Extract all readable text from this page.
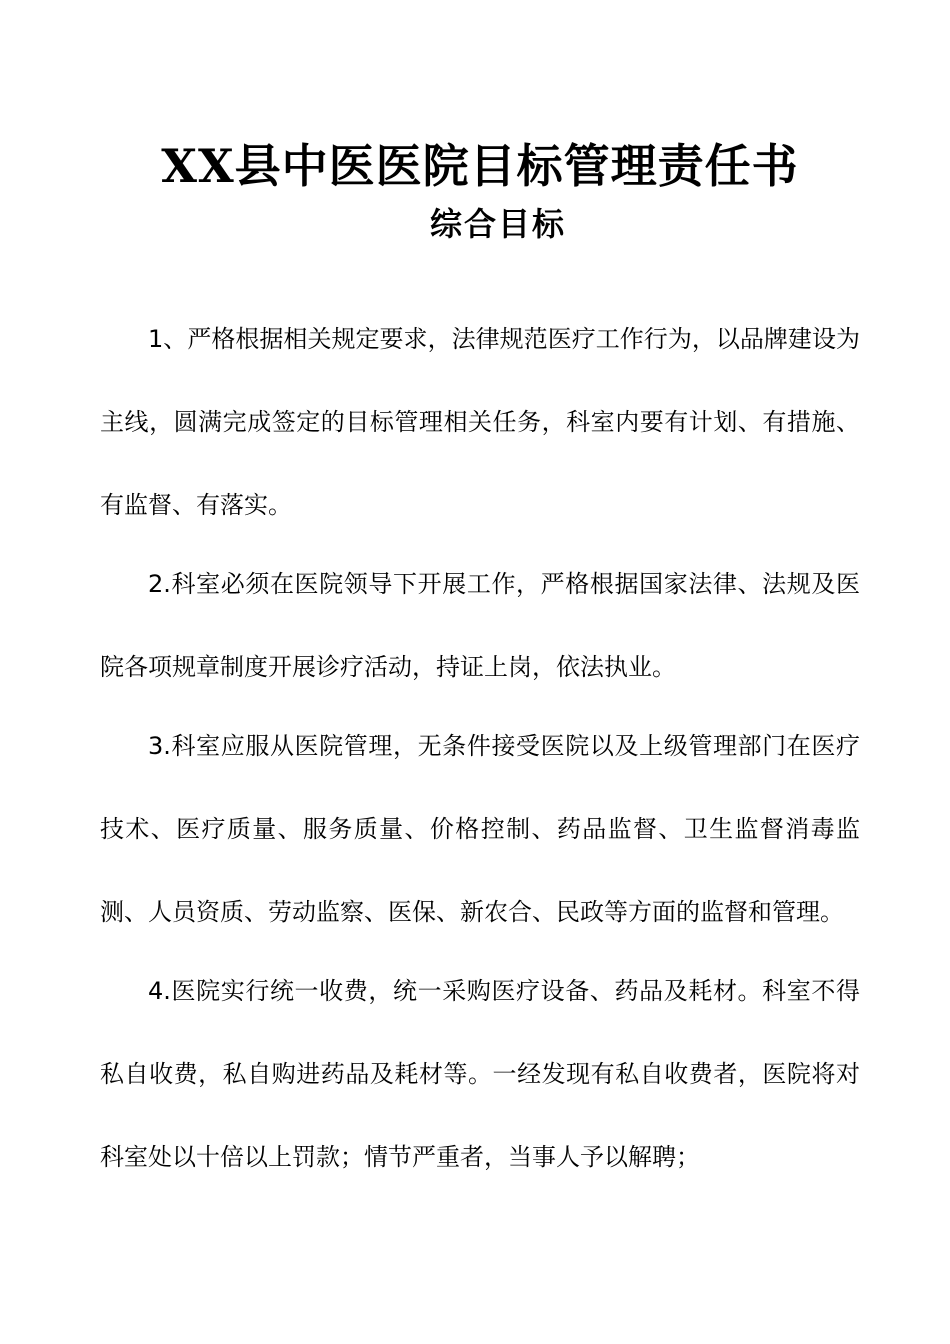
XX县中医医院目标管理责任书
综合目标

1、严格根据相关规定要求，法律规范医疗工作行为，以品牌建设为主线，圆满完成签定的目标管理相关任务，科室内要有计划、有措施、有监督、有落实。

2.科室必须在医院领导下开展工作，严格根据国家法律、法规及医院各项规章制度开展诊疗活动，持证上岗，依法执业。

3.科室应服从医院管理，无条件接受医院以及上级管理部门在医疗技术、医疗质量、服务质量、价格控制、药品监督、卫生监督消毒监测、人员资质、劳动监察、医保、新农合、民政等方面的监督和管理。

4.医院实行统一收费，统一采购医疗设备、药品及耗材。科室不得私自收费，私自购进药品及耗材等。一经发现有私自收费者，医院将对科室处以十倍以上罚款；情节严重者，当事人予以解聘；
